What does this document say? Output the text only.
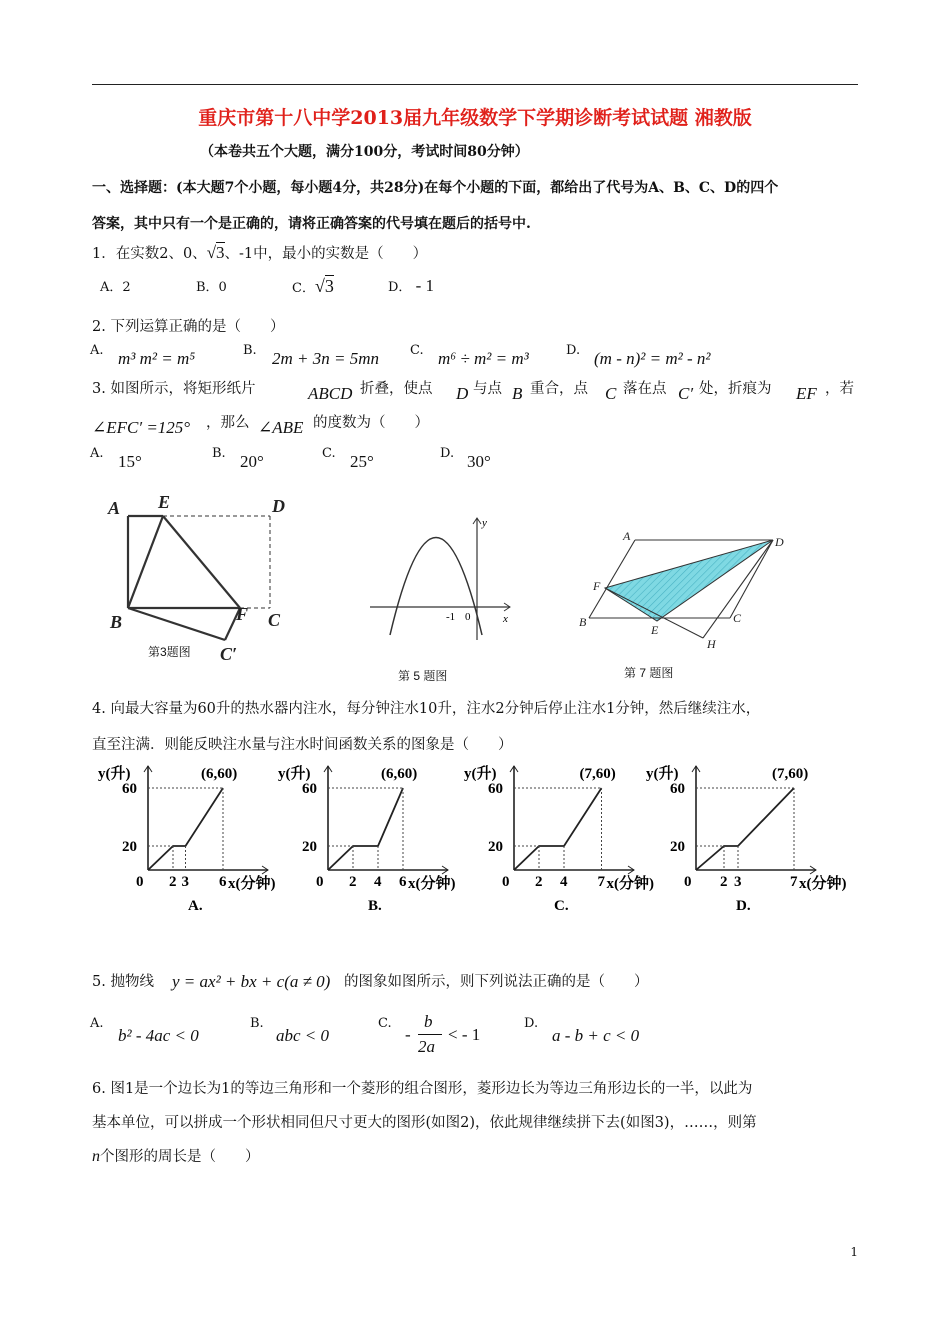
重庆市第十八中学2013届九年级数学下学期诊断考试试题 湘教版
（本卷共五个大题，满分100分，考试时间80分钟）
一、选择题：(本大题7个小题，每小题4分，共28分)在每个小题的下面，都给出了代号为A、B、C、D的四个
答案，其中只有一个是正确的，请将正确答案的代号填在题后的括号中.
1．在实数2、0、√3、-1中，最小的实数是（　　）
A．2	B．0	C．√3	D． - 1
2. 下列运算正确的是（　　）
A. m³ m² = m⁵	B. 2m + 3n = 5mn C. m⁶ ÷ m² = m³	D. (m - n)² = m² - n²
3. 如图所示，将矩形纸片	ABCD 折叠，使点 D 与点 B 重合，点 C 落在点 C′ 处，折痕为 EF ，若
∠EFC′ =125° ，那么 ∠ABE 的度数为（　　）
A. 15°	B. 20°	C. 25°	D. 30°
A E	D
B	F C
C′
第3题图
y
x
-1 0
第 5 题图
A	D
F
B
E
C
H
第 7 题图
4. 向最大容量为60升的热水器内注水，每分钟注水10升，注水2分钟后停止注水1分钟，然后继续注水，
直至注满．则能反映注水量与注水时间函数关系的图象是（　　）
y(升)
60
20
0 2 3 6 x(分钟)
(6,60)
A.
y(升)
60
20
0 2 4 6 x(分钟)
(6,60)
B.
y(升)
60
20
0 2 4 7 x(分钟)
(7,60)
C.
y(升)
60
20
0 2 3	7 x(分钟)
(7,60)
D.
5. 抛物线 y = ax² + bx + c(a ≠ 0) 的图象如图所示，则下列说法正确的是（　　）
A.
b² - 4ac < 0
B.
abc < 0
C.
-
b
2a
< - 1
D.
a - b + c < 0
6. 图1是一个边长为1的等边三角形和一个菱形的组合图形，菱形边长为等边三角形边长的一半，以此为
基本单位，可以拼成一个形状相同但尺寸更大的图形(如图2)，依此规律继续拼下去(如图3)，……，则第
n个图形的周长是（　　）
1
